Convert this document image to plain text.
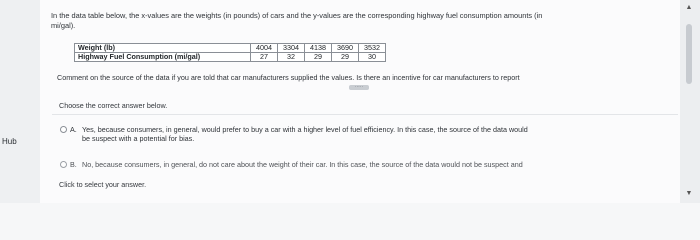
Hub
In the data table below, the x-values are the weights (in pounds) of cars and the y-values are the corresponding highway fuel consumption amounts (in
mi/gal).
Weight (lb)	4004	3304	4138	3690	3532
Highway Fuel Consumption (mi/gal)	27	32	29	29	30
Comment on the source of the data if you are told that car manufacturers supplied the values. Is there an incentive for car manufacturers to report
·····
Choose the correct answer below.
A. Yes, because consumers, in general, would prefer to buy a car with a higher level of fuel efficiency. In this case, the source of the data would
be suspect with a potential for bias.
B. No, because consumers, in general, do not care about the weight of their car. In this case, the source of the data would not be suspect and
Click to select your answer.
▲
▼
